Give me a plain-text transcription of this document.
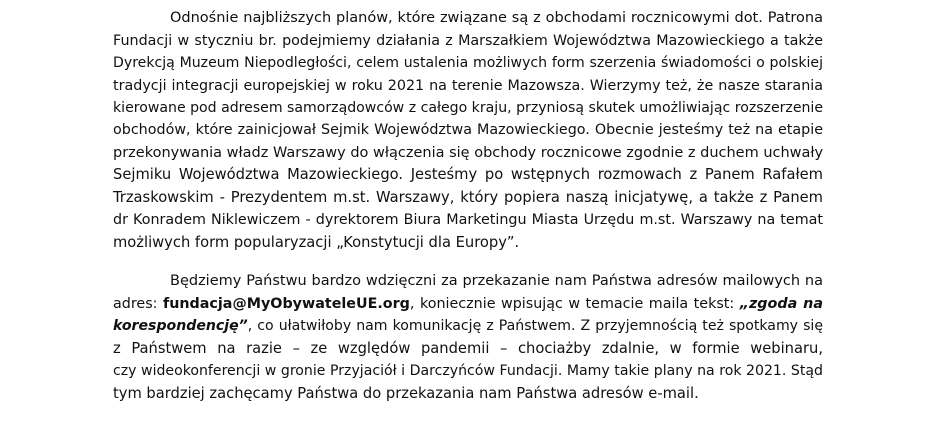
Odnośnie najbliższych planów, które związane są z obchodami rocznicowymi dot. Patrona
Fundacji w styczniu br. podejmiemy działania z Marszałkiem Województwa Mazowieckiego a także
Dyrekcją Muzeum Niepodległości, celem ustalenia możliwych form szerzenia świadomości o polskiej
tradycji integracji europejskiej w roku 2021 na terenie Mazowsza. Wierzymy też, że nasze starania
kierowane pod adresem samorządowców z całego kraju, przyniosą skutek umożliwiając rozszerzenie
obchodów, które zainicjował Sejmik Województwa Mazowieckiego. Obecnie jesteśmy też na etapie
przekonywania władz Warszawy do włączenia się obchody rocznicowe zgodnie z duchem uchwały
Sejmiku Województwa Mazowieckiego. Jesteśmy po wstępnych rozmowach z Panem Rafałem
Trzaskowskim - Prezydentem m.st. Warszawy, który popiera naszą inicjatywę, a także z Panem
dr Konradem Niklewiczem - dyrektorem Biura Marketingu Miasta Urzędu m.st. Warszawy na temat
możliwych form popularyzacji „Konstytucji dla Europy”.
Będziemy Państwu bardzo wdzięczni za przekazanie nam Państwa adresów mailowych na
adres: fundacja@MyObywateleUE.org, koniecznie wpisując w temacie maila tekst: „zgoda na
korespondencję”, co ułatwiłoby nam komunikację z Państwem. Z przyjemnością też spotkamy się
z Państwem na razie – ze względów pandemii – chociażby zdalnie, w formie webinaru,
czy wideokonferencji w gronie Przyjaciół i Darczyńców Fundacji. Mamy takie plany na rok 2021. Stąd
tym bardziej zachęcamy Państwa do przekazania nam Państwa adresów e-mail.
